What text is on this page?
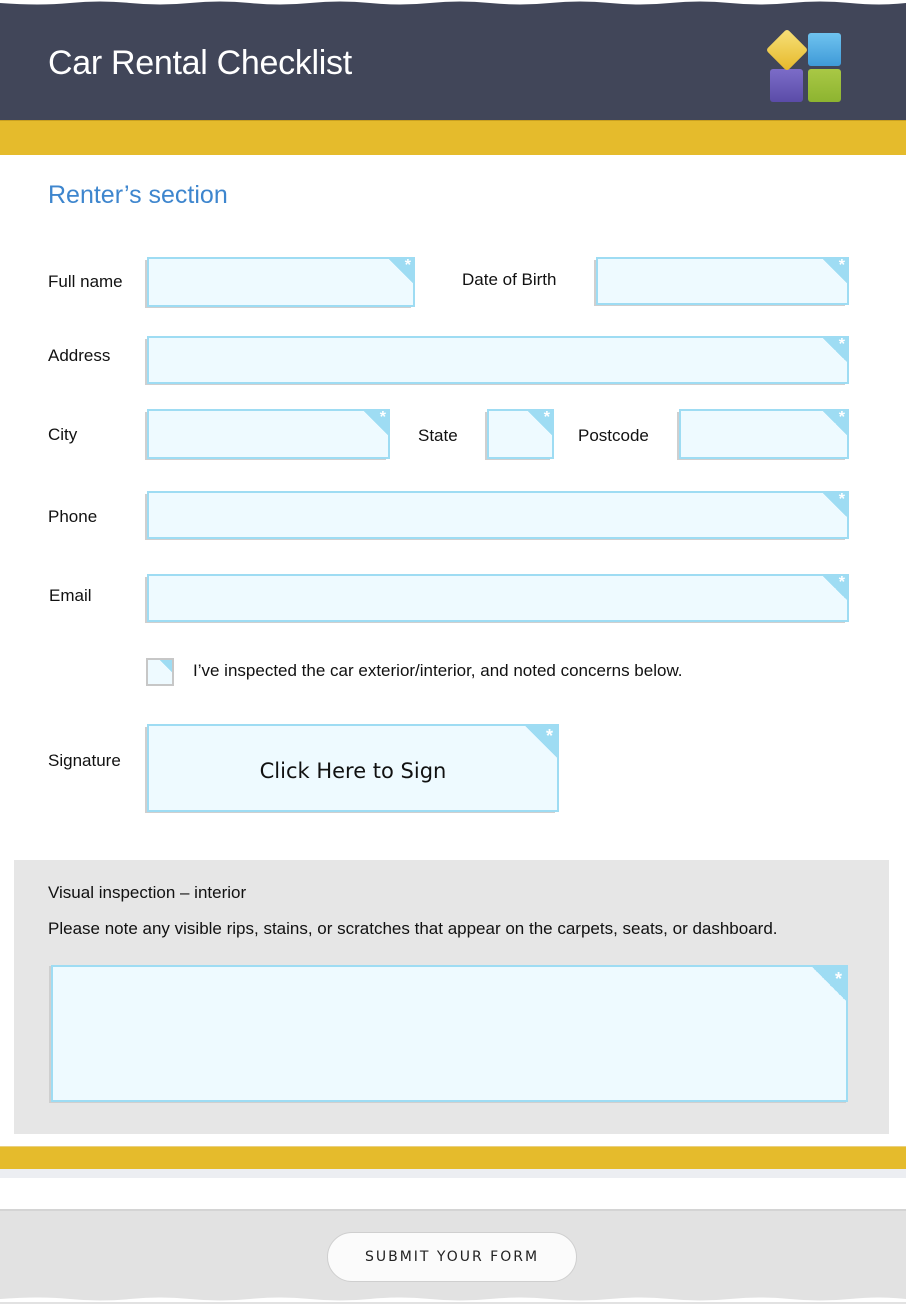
Car Rental Checklist
Renter’s section
Full name
*
Date of Birth
*
Address
*
City
*
State
*
Postcode
*
Phone
*
Email
*
I’ve inspected the car exterior/interior, and noted concerns below.
Signature	Click Here to Sign
*
Visual inspection – interior
Please note any visible rips, stains, or scratches that appear on the carpets, seats, or dashboard.
*
SUBMIT YOUR FORM
